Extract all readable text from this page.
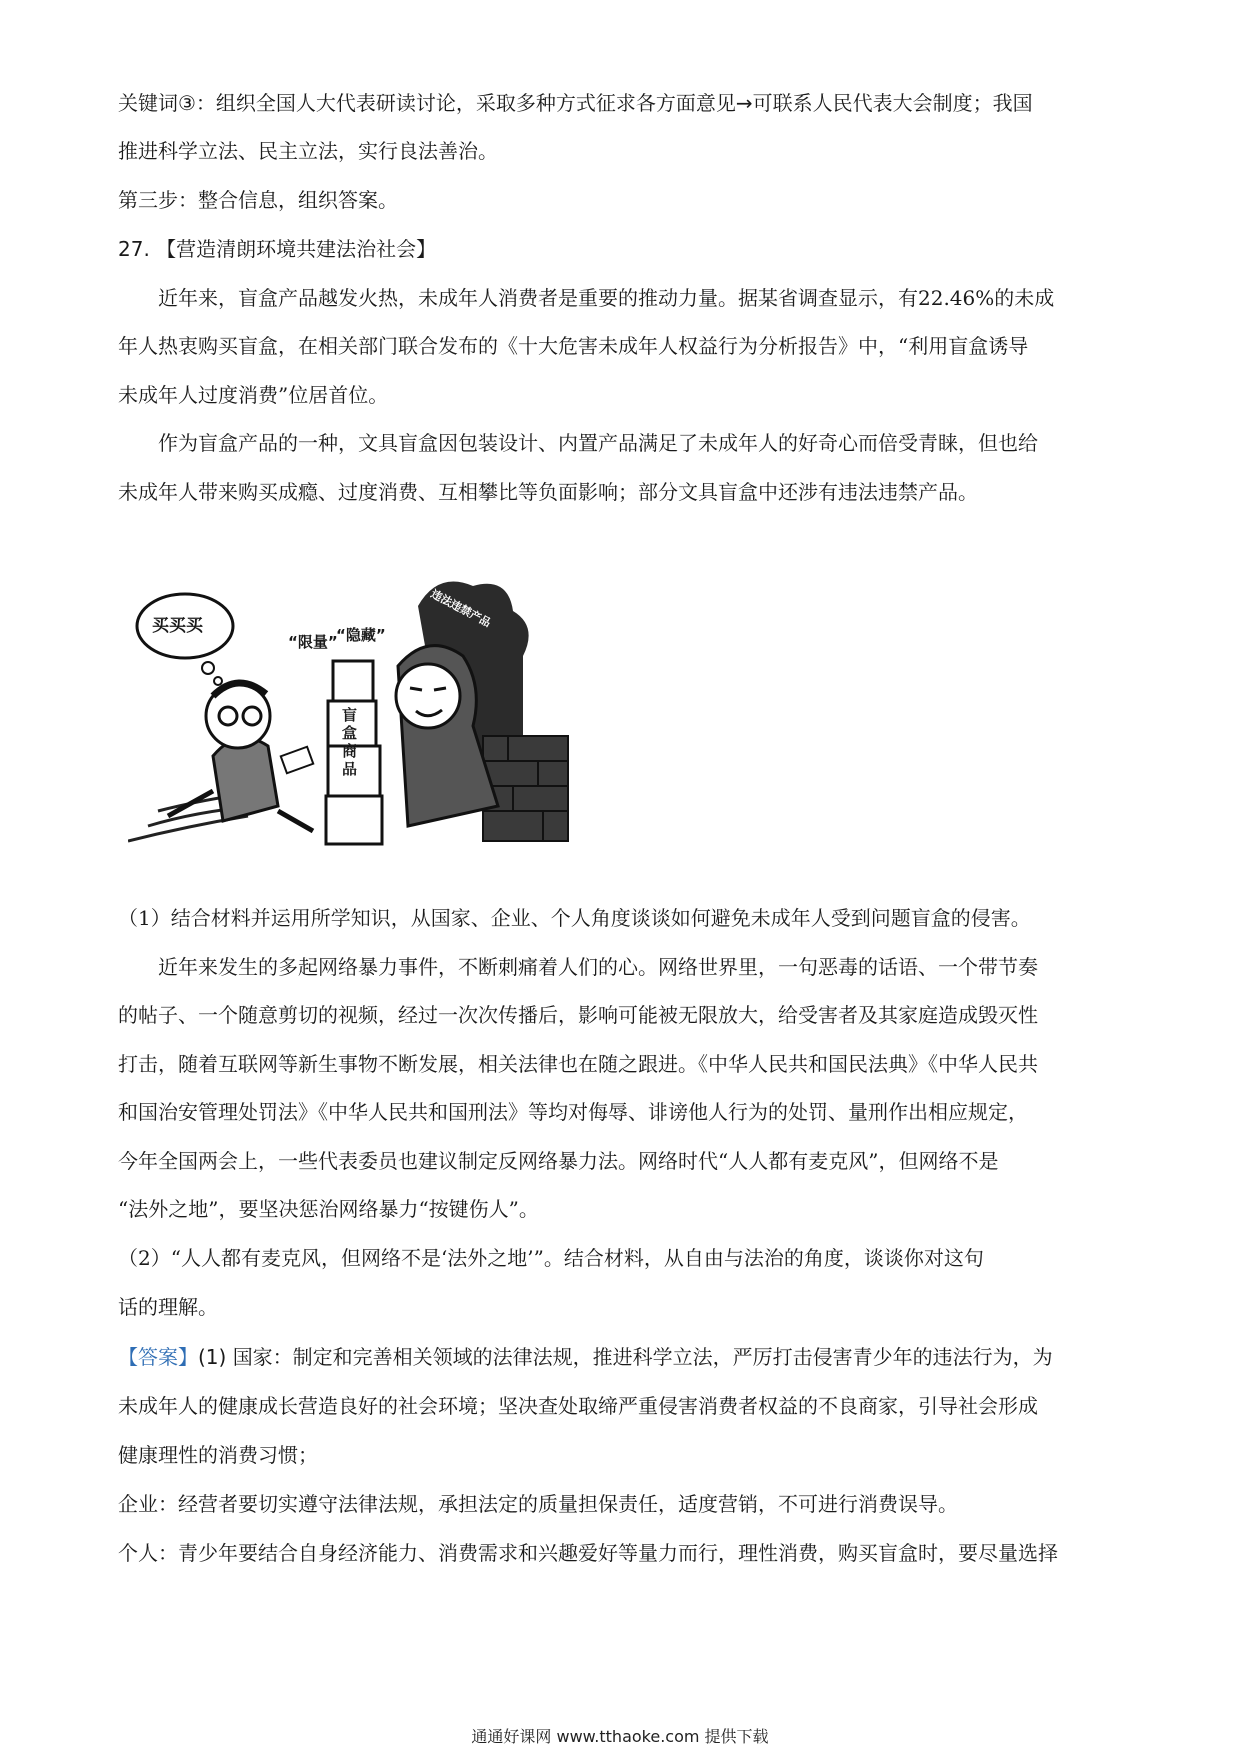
关键词③：组织全国人大代表研读讨论，采取多种方式征求各方面意见→可联系人民代表大会制度；我国
推进科学立法、民主立法，实行良法善治。
第三步：整合信息，组织答案。
27. 【营造清朗环境共建法治社会】
近年来，盲盒产品越发火热，未成年人消费者是重要的推动力量。据某省调查显示，有22.46%的未成
年人热衷购买盲盒，在相关部门联合发布的《十大危害未成年人权益行为分析报告》中，“利用盲盒诱导
未成年人过度消费”位居首位。
作为盲盒产品的一种，文具盲盒因包装设计、内置产品满足了未成年人的好奇心而倍受青睐，但也给
未成年人带来购买成瘾、过度消费、互相攀比等负面影响；部分文具盲盒中还涉有违法违禁产品。
买买买
“限量”
“隐藏”
盲盒商品
违法违禁产品
（1）结合材料并运用所学知识，从国家、企业、个人角度谈谈如何避免未成年人受到问题盲盒的侵害。
近年来发生的多起网络暴力事件，不断刺痛着人们的心。网络世界里，一句恶毒的话语、一个带节奏
的帖子、一个随意剪切的视频，经过一次次传播后，影响可能被无限放大，给受害者及其家庭造成毁灭性
打击，随着互联网等新生事物不断发展，相关法律也在随之跟进。《中华人民共和国民法典》《中华人民共
和国治安管理处罚法》《中华人民共和国刑法》等均对侮辱、诽谤他人行为的处罚、量刑作出相应规定，
今年全国两会上，一些代表委员也建议制定反网络暴力法。网络时代“人人都有麦克风”，但网络不是
“法外之地”，要坚决惩治网络暴力“按键伤人”。
（2）“人人都有麦克风，但网络不是‘法外之地’”。结合材料，从自由与法治的角度，谈谈你对这句
话的理解。
【答案】(1) 国家：制定和完善相关领域的法律法规，推进科学立法，严厉打击侵害青少年的违法行为，为
未成年人的健康成长营造良好的社会环境；坚决查处取缔严重侵害消费者权益的不良商家，引导社会形成
健康理性的消费习惯；
企业：经营者要切实遵守法律法规，承担法定的质量担保责任，适度营销，不可进行消费误导。
个人：青少年要结合自身经济能力、消费需求和兴趣爱好等量力而行，理性消费，购买盲盒时，要尽量选择
通通好课网 www.tthaoke.com 提供下载
